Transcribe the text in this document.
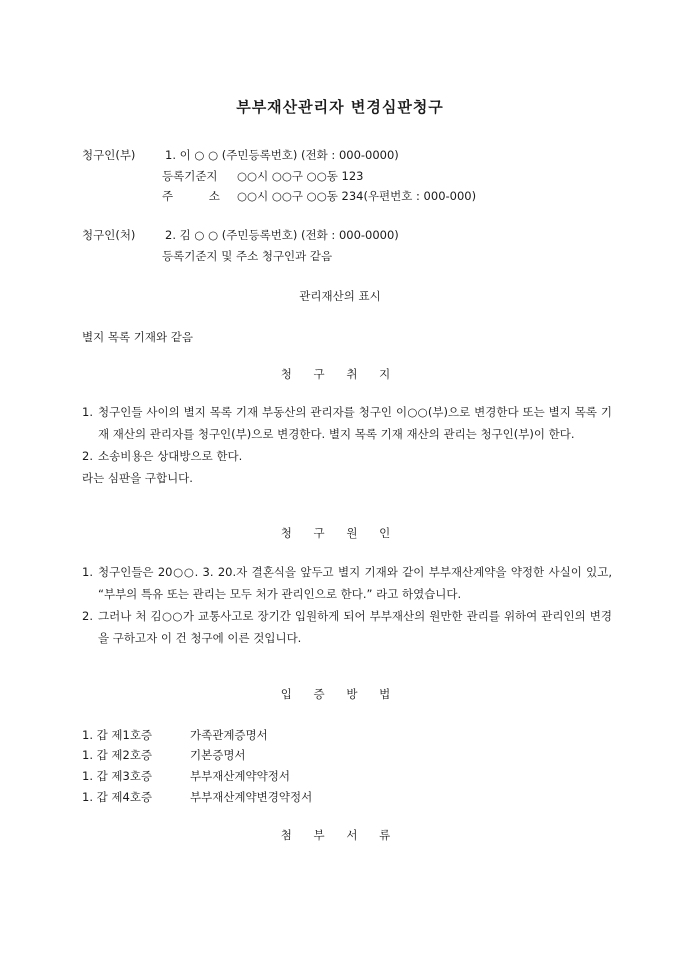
부부재산관리자 변경심판청구
청구인(부)	1. 이 ○ ○ (주민등록번호) (전화 : 000-0000)
등록기준지 ○○시 ○○구 ○○동 123
주 소 ○○시 ○○구 ○○동 234(우편번호 : 000-000)
청구인(처)	2. 김 ○ ○ (주민등록번호) (전화 : 000-0000)
등록기준지 및 주소 청구인과 같음
관리재산의 표시
별지 목록 기재와 같음
청 구 취 지
1. 청구인들 사이의 별지 목록 기재 부동산의 관리자를 청구인 이○○(부)으로 변경한다 또는 별지 목록 기재 재산의 관리자를 청구인(부)으로 변경한다. 별지 목록 기재 재산의 관리는 청구인(부)이 한다.
2. 소송비용은 상대방으로 한다.
라는 심판을 구합니다.
청 구 원 인
1. 청구인들은 20○○. 3. 20.자 결혼식을 앞두고 별지 기재와 같이 부부재산계약을 약정한 사실이 있고, “부부의 특유 또는 관리는 모두 처가 관리인으로 한다.” 라고 하였습니다.
2. 그러나 처 김○○가 교통사고로 장기간 입원하게 되어 부부재산의 원만한 관리를 위하여 관리인의 변경을 구하고자 이 건 청구에 이른 것입니다.
입 증 방 법
1. 갑 제1호증	가족관계증명서
1. 갑 제2호증	기본증명서
1. 갑 제3호증	부부재산계약약정서
1. 갑 제4호증	부부재산계약변경약정서
첨 부 서 류
